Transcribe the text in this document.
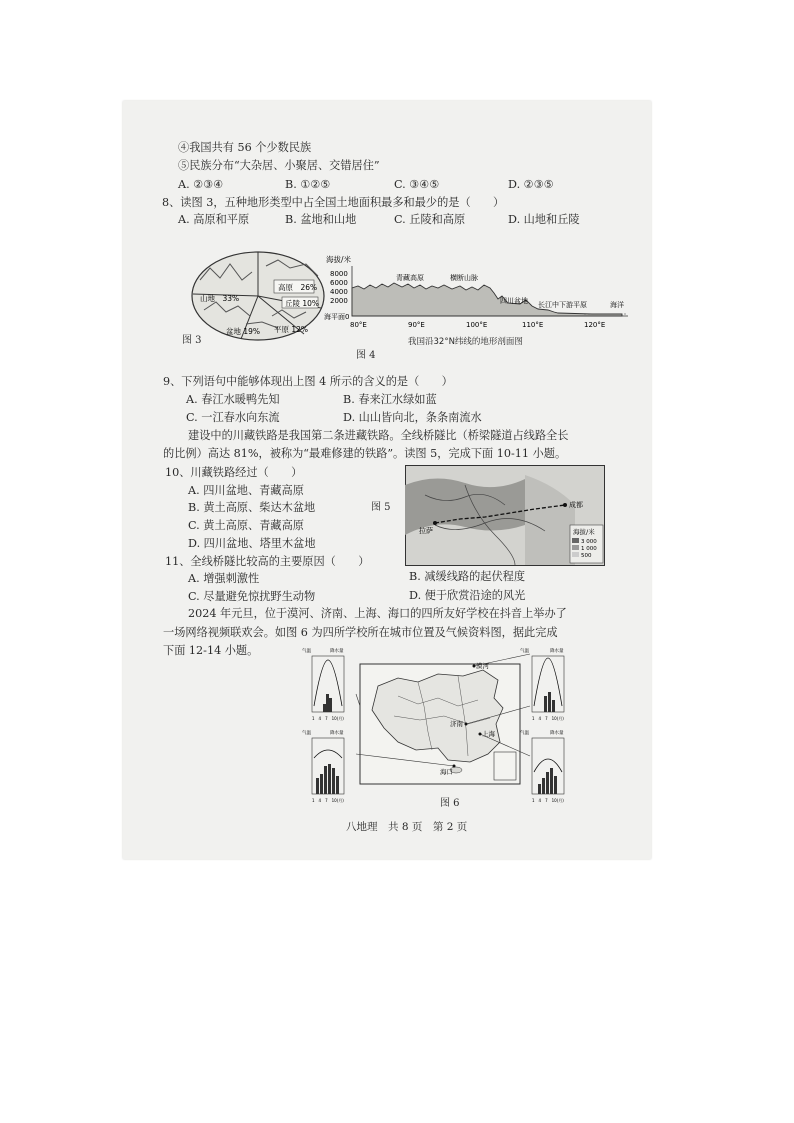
④我国共有 56 个少数民族
⑤民族分布“大杂居、小聚居、交错居住”
A. ②③④	B. ①②⑤	C. ③④⑤	D. ②③⑤
8、读图 3，五种地形类型中占全国土地面积最多和最少的是（　　）
A. 高原和平原	B. 盆地和山地	C. 丘陵和高原	D. 山地和丘陵
高原　26%
山地　33%
丘陵 10%
盆地 19% 平原 12%
图 3
海拔/米
8000
6000
4000
2000
海平面0
青藏高原	横断山脉
四川盆地 长江中下游平原	海洋
80°E	90°E	100°E	110°E	120°E
图 4
我国沿32°N纬线的地形剖面图
9、下列语句中能够体现出上图 4 所示的含义的是（　　）
A. 春江水暖鸭先知	B. 春来江水绿如蓝
C. 一江春水向东流	D. 山山皆向北，条条南流水
建设中的川藏铁路是我国第二条进藏铁路。全线桥隧比（桥梁隧道占线路全长
的比例）高达 81%，被称为“最难修建的铁路”。读图 5，完成下面 10-11 小题。
10、川藏铁路经过（　　）
A. 四川盆地、青藏高原
B. 黄土高原、柴达木盆地
C. 黄土高原、青藏高原
D. 四川盆地、塔里木盆地
图 5
拉萨
成都
海拔/米
3 000
1 000
500
11、全线桥隧比较高的主要原因（　　）
A. 增强刺激性	B. 减缓线路的起伏程度
C. 尽量避免惊扰野生动物	D. 便于欣赏沿途的风光
2024 年元旦，位于漠河、济南、上海、海口的四所友好学校在抖音上举办了
一场网络视频联欢会。如图 6 为四所学校所在城市位置及气候资料图，据此完成
下面 12-14 小题。
漠河
济南
上海
海口
气温	降水量
1　4　7　10(月)
气温	降水量
1　4　7　10(月)
气温	降水量
1　4　7　10(月)
气温	降水量
1　4　7　10(月)
图 6
八地理　共 8 页　第 2 页
